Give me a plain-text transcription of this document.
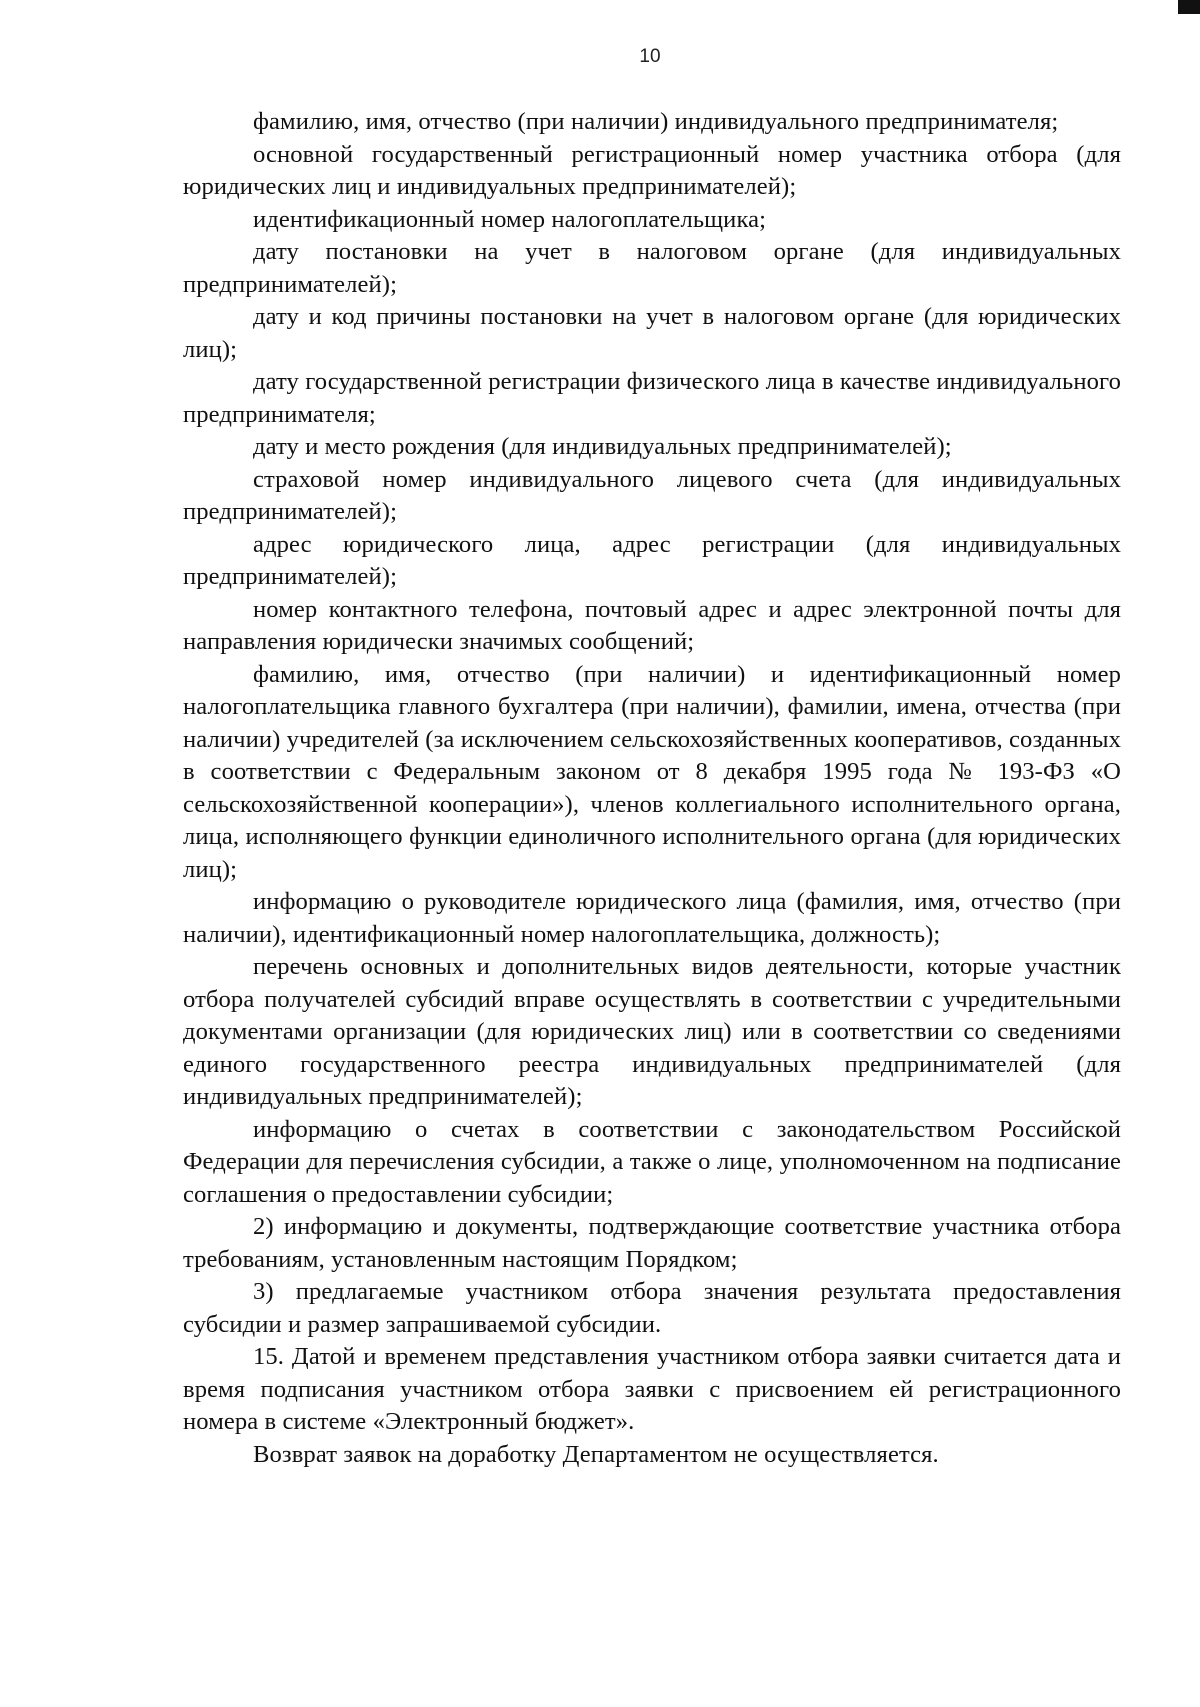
10

фамилию, имя, отчество (при наличии) индивидуального предпринимателя;

основной государственный регистрационный номер участника отбора (для юридических лиц и индивидуальных предпринимателей);

идентификационный номер налогоплательщика;

дату постановки на учет в налоговом органе (для индивидуальных предпринимателей);

дату и код причины постановки на учет в налоговом органе (для юридических лиц);

дату государственной регистрации физического лица в качестве индивидуального предпринимателя;

дату и место рождения (для индивидуальных предпринимателей);

страховой номер индивидуального лицевого счета (для индивидуальных предпринимателей);

адрес юридического лица, адрес регистрации (для индивидуальных предпринимателей);

номер контактного телефона, почтовый адрес и адрес электронной почты для направления юридически значимых сообщений;

фамилию, имя, отчество (при наличии) и идентификационный номер налогоплательщика главного бухгалтера (при наличии), фамилии, имена, отчества (при наличии) учредителей (за исключением сельскохозяйственных кооперативов, созданных в соответствии с Федеральным законом от 8 декабря 1995 года № 193-ФЗ «О сельскохозяйственной кооперации»), членов коллегиального исполнительного органа, лица, исполняющего функции единоличного исполнительного органа (для юридических лиц);

информацию о руководителе юридического лица (фамилия, имя, отчество (при наличии), идентификационный номер налогоплательщика, должность);

перечень основных и дополнительных видов деятельности, которые участник отбора получателей субсидий вправе осуществлять в соответствии с учредительными документами организации (для юридических лиц) или в соответствии со сведениями единого государственного реестра индивидуальных предпринимателей (для индивидуальных предпринимателей);

информацию о счетах в соответствии с законодательством Российской Федерации для перечисления субсидии, а также о лице, уполномоченном на подписание соглашения о предоставлении субсидии;

2) информацию и документы, подтверждающие соответствие участника отбора требованиям, установленным настоящим Порядком;

3) предлагаемые участником отбора значения результата предоставления субсидии и размер запрашиваемой субсидии.

15. Датой и временем представления участником отбора заявки считается дата и время подписания участником отбора заявки с присвоением ей регистрационного номера в системе «Электронный бюджет».

Возврат заявок на доработку Департаментом не осуществляется.
